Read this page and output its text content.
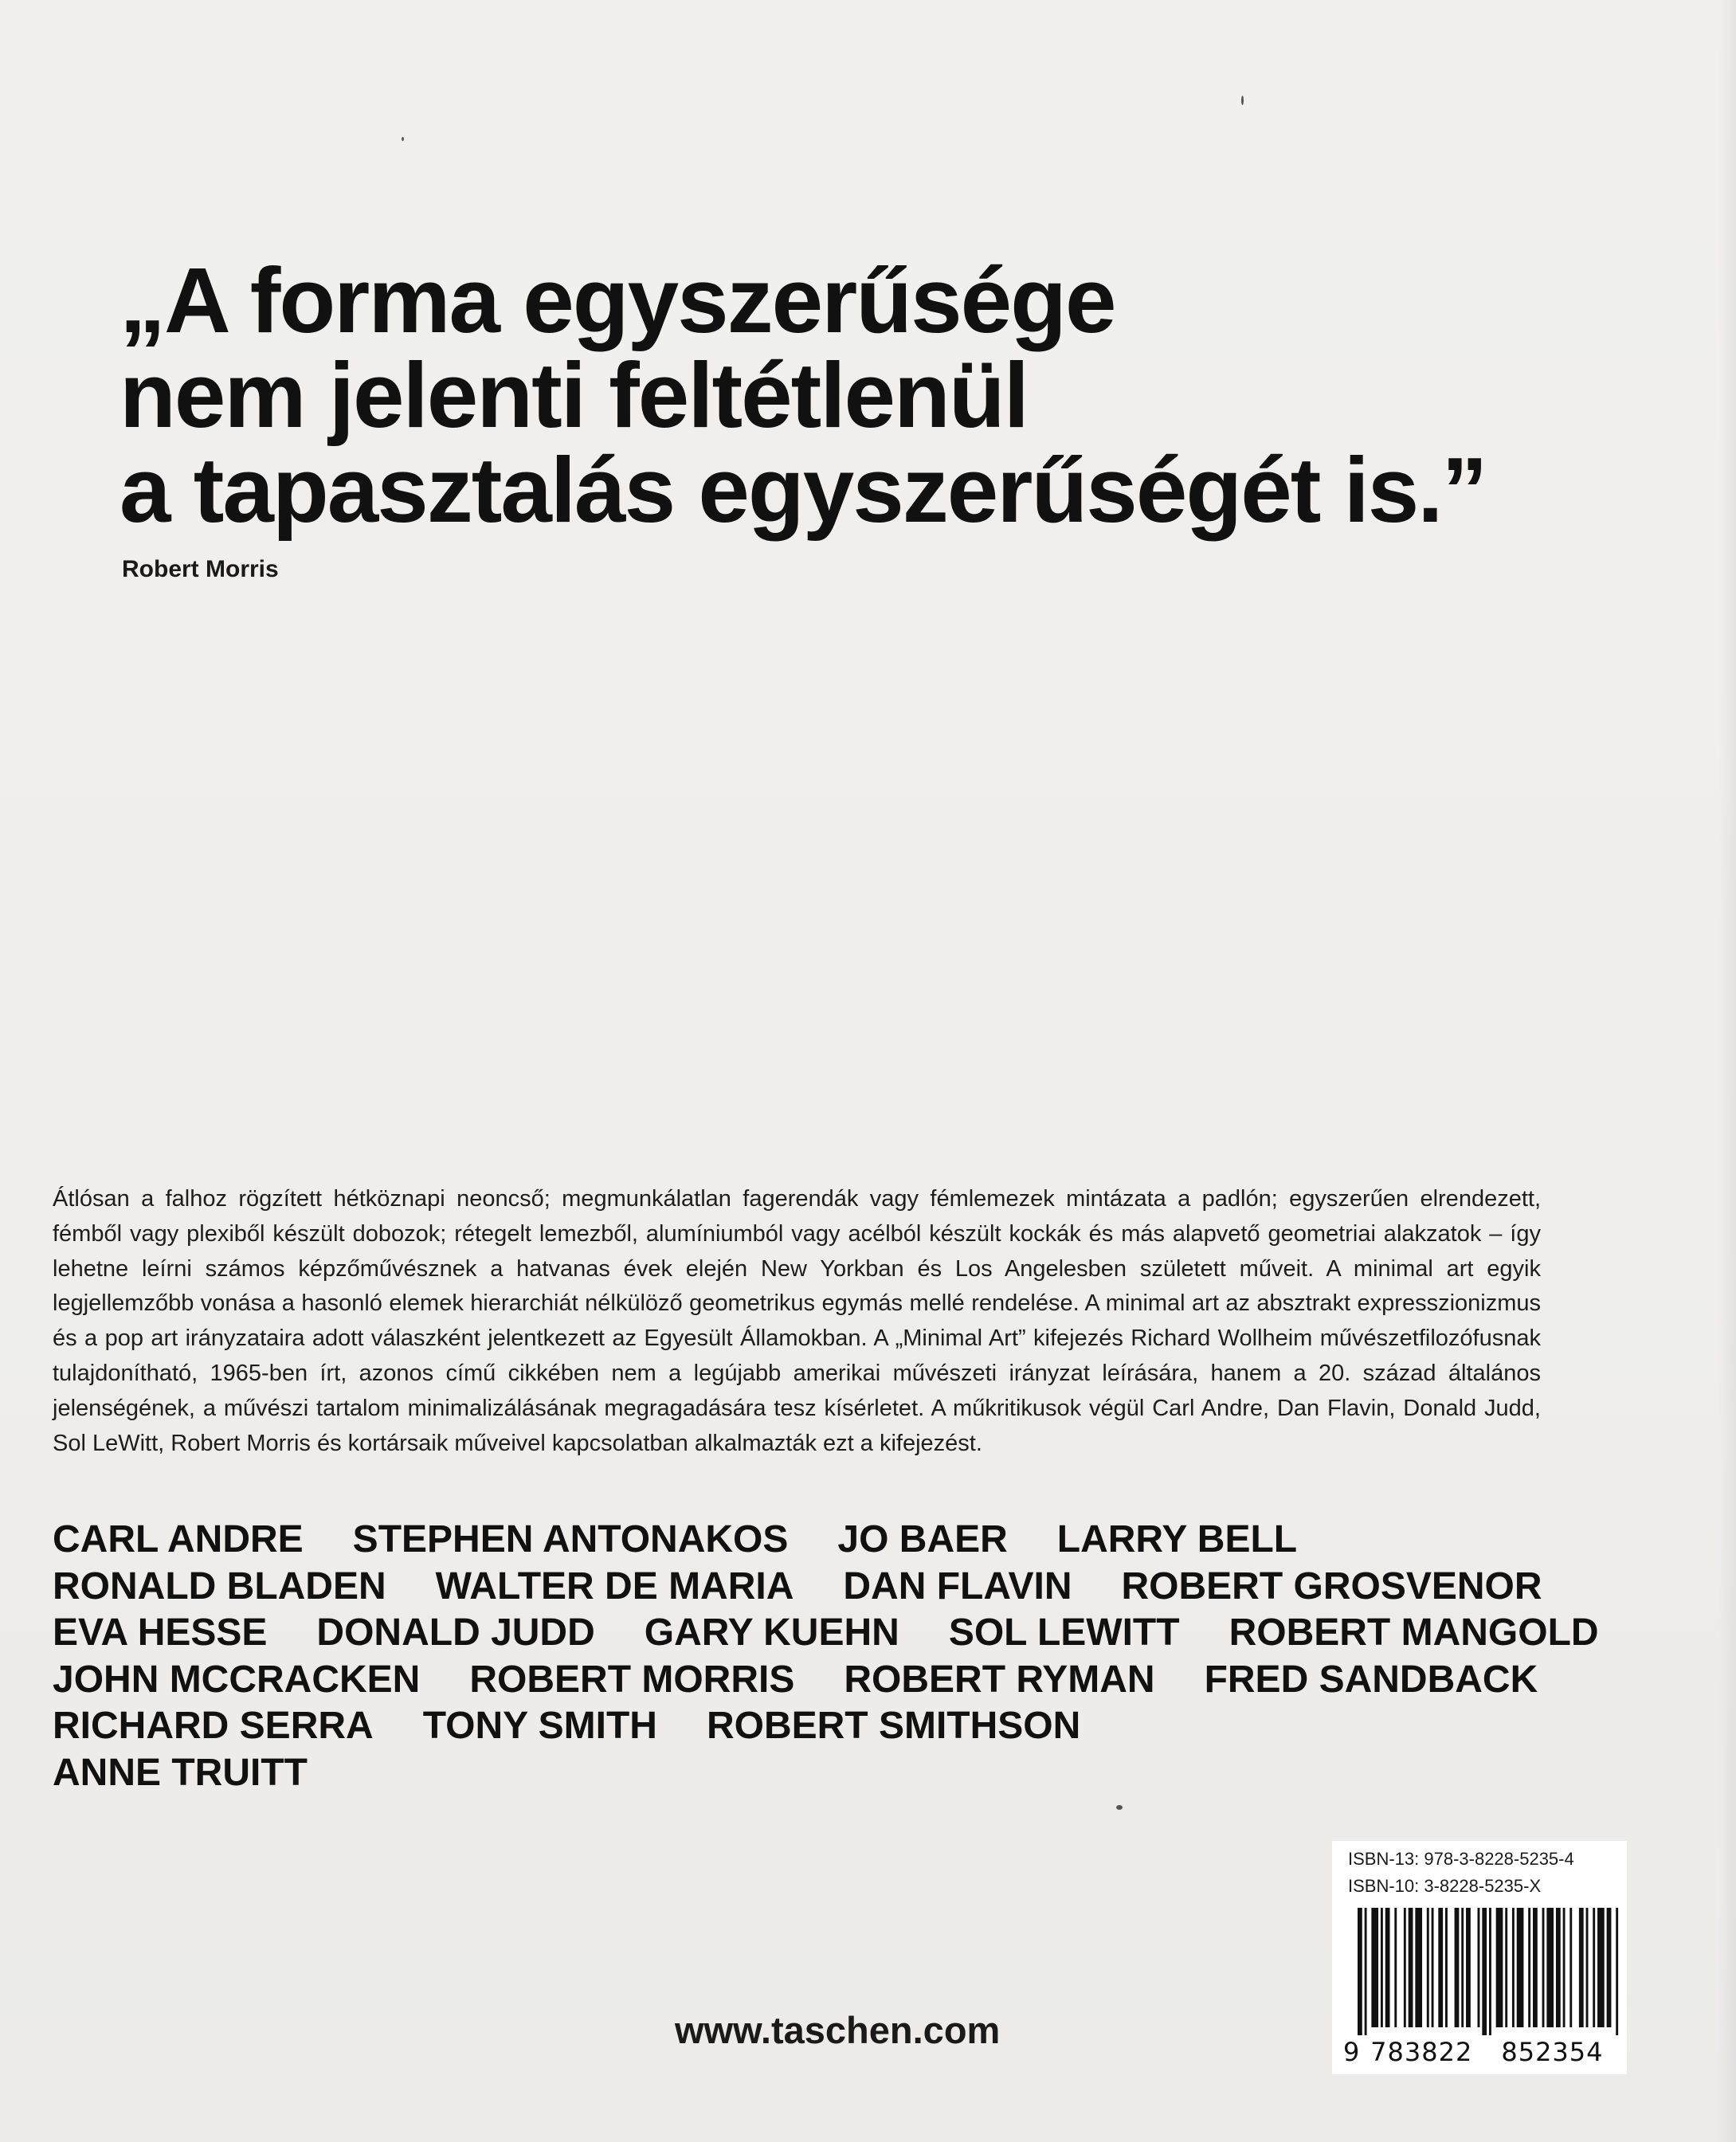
„A forma egyszerűsége
nem jelenti feltétlenül
a tapasztalás egyszerűségét is.”
Robert Morris

Átlósan a falhoz rögzített hétköznapi neoncső; megmunkálatlan fagerendák vagy fémlemezek mintázata a padlón; egyszerűen elrendezett, fémből vagy plexiből készült dobozok; rétegelt lemezből, alumíniumból vagy acélból készült kockák és más alapvető geometriai alakzatok – így lehetne leírni számos képzőművésznek a hatvanas évek elején New Yorkban és Los Angelesben született műveit. A minimal art egyik legjellemzőbb vonása a hasonló elemek hierarchiát nélkülöző geometrikus egymás mellé rendelése. A minimal art az absztrakt expresszionizmus és a pop art irányzataira adott válaszként jelentkezett az Egyesült Államokban. A „Minimal Art” kifejezés Richard Wollheim művészetfilozófusnak tulajdonítható, 1965-ben írt, azonos című cikkében nem a legújabb amerikai művészeti irányzat leírására, hanem a 20. század általános jelenségének, a művészi tartalom minimalizálásának megragadására tesz kísérletet. A műkritikusok végül Carl Andre, Dan Flavin, Donald Judd, Sol LeWitt, Robert Morris és kortársaik műveivel kapcsolatban alkalmazták ezt a kifejezést.

CARL ANDRE STEPHEN ANTONAKOS JO BAER LARRY BELL
RONALD BLADEN WALTER DE MARIA DAN FLAVIN ROBERT GROSVENOR
EVA HESSE DONALD JUDD GARY KUEHN SOL LEWITT ROBERT MANGOLD
JOHN MCCRACKEN ROBERT MORRIS ROBERT RYMAN FRED SANDBACK
RICHARD SERRA TONY SMITH ROBERT SMITHSON
ANNE TRUITT
ISBN-13: 978-3-8228-5235-4
ISBN-10: 3-8228-5235-X
9 783822 852354
www.taschen.com
